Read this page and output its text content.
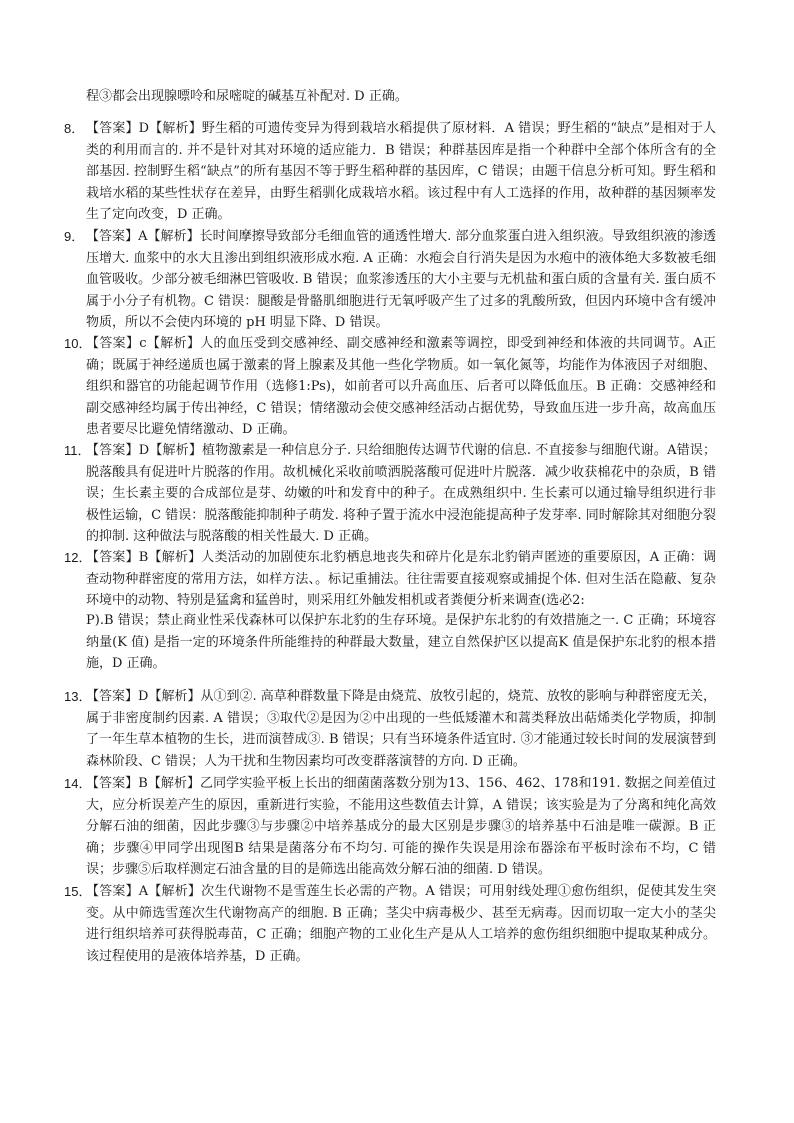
程③都会出现腺嘌呤和尿嘧啶的碱基互补配对. D 正确。
8． 【答案】D【解析】野生稻的可遗传变异为得到栽培水稻提供了原材料．A 错误；野生稻的“缺点”是相对于人类的利用而言的. 并不是针对其对环境的适应能力．B 错误；种群基因库是指一个种群中全部个体所含有的全部基因. 控制野生稻“缺点”的所有基因不等于野生稻种群的基因库，C 错误；由题干信息分析可知。野生稻和栽培水稻的某些性状存在差异，由野生稻驯化成栽培水稻。该过程中有人工选择的作用，故种群的基因频率发生了定向改变，D 正确。
9． 【答案】A【解析】长时间摩擦导致部分毛细血管的通透性增大. 部分血浆蛋白进入组织液。导致组织液的渗透压增大. 血浆中的水大且渗出到组织液形成水疱. A 正确：水疱会自行消失是因为水疱中的液体绝大多数被毛细血管吸收。少部分被毛细淋巴管吸收. B 错误；血浆渗透压的大小主要与无机盐和蛋白质的含量有关. 蛋白质不属于小分子有机物。C 错误：腿酸是骨骼肌细胞进行无氧呼吸产生了过多的乳酸所致，但因内环境中含有缓冲物质，所以不会使内环境的 pH 明显下降、D 错误。
10．
【答案】c【解析】人的血压受到交感神经、副交感神经和激素等调控，即受到神经和体液的共同调节。A正确；既属于神经递质也属于激素的肾上腺素及其他一些化学物质。如一氧化氮等，均能作为体液因子对细胞、组织和器官的功能起调节作用（选修1:Ps)，如前者可以升高血压、后者可以降低血压。B 正确：交感神经和副交感神经均属于传出神经，C 错误；情绪激动会使交感神经活动占据优势，导致血压进一步升高，故高血压患者要尽比避免情绪激动、D 正确。
11．
【答案】D【解析】植物激素是一种信息分子. 只给细胞传达调节代谢的信息. 不直接参与细胞代谢。A错误；脱落酸具有促进叶片脱落的作用。故机械化采收前喷洒脱落酸可促进叶片脱落．减少收获棉花中的杂质，B 错误；生长素主要的合成部位是芽、幼嫩的叶和发育中的种子。在成熟组织中. 生长素可以通过输导组织进行非极性运输，C 错误：脱落酸能抑制种子萌发. 将种子置于流水中浸泡能提高种子发芽率. 同时解除其对细胞分裂的抑制. 这种做法与脱落酸的相关性最大. D 正确。
12．
【答案】B【解析】人类活动的加剧使东北豹栖息地丧失和碎片化是东北豹销声匿迹的重要原因，A 正确：调查动物种群密度的常用方法，如样方法、。标记重捕法。往往需要直接观察或捕捉个体. 但对生活在隐蔽、复杂环境中的动物、特别是猛禽和猛兽时，则采用红外触发相机或者粪便分析来调查(选必2:
P).B 错误；禁止商业性采伐森林可以保护东北豹的生存环境。是保护东北豹的有效措施之一. C 正确；环境容纳量(K 值) 是指一定的环境条件所能维持的种群最大数量，建立自然保护区以提高K 值是保护东北豹的根本措施，D 正确。
13．
【答案】D【解析】从①到②. 高草种群数量下降是由烧荒、放牧引起的，烧荒、放牧的影响与种群密度无关，属于非密度制约因素. A 错误；③取代②是因为②中出现的一些低矮灌木和蒿类释放出萜烯类化学物质，抑制了一年生草本植物的生长，进而演替成③. B 错误；只有当环境条件适宜时. ③才能通过较长时间的发展演替到森林阶段、C 错误；人为干扰和生物因素均可改变群落演替的方向. D 正确。
14．
【答案】B【解析】乙同学实验平板上长出的细菌菌落数分别为13、156、462、178和191. 数据之间差值过大，应分析误差产生的原因，重新进行实验，不能用这些数值去计算，A 错误；该实验是为了分离和纯化高效分解石油的细菌，因此步骤③与步骤②中培养基成分的最大区别是步骤③的培养基中石油是唯一碳源。B 正确；步骤④甲同学出现图B 结果是菌落分布不均匀. 可能的操作失误是用涂布器涂布平板时涂布不均，C 错误；步骤⑤后取样测定石油含量的目的是筛选出能高效分解石油的细菌. D 错误。
15．
【答案】A【解析】次生代谢物不是雪莲生长必需的产物。A 错误；可用射线处理①愈伤组织，促使其发生突变。从中筛选雪莲次生代谢物高产的细胞. B 正确；茎尖中病毒极少、甚至无病毒。因而切取一定大小的茎尖进行组织培养可获得脱毒苗，C 正确；细胞产物的工业化生产是从人工培养的愈伤组织细胞中提取某种成分。该过程使用的是液体培养基，D 正确。
